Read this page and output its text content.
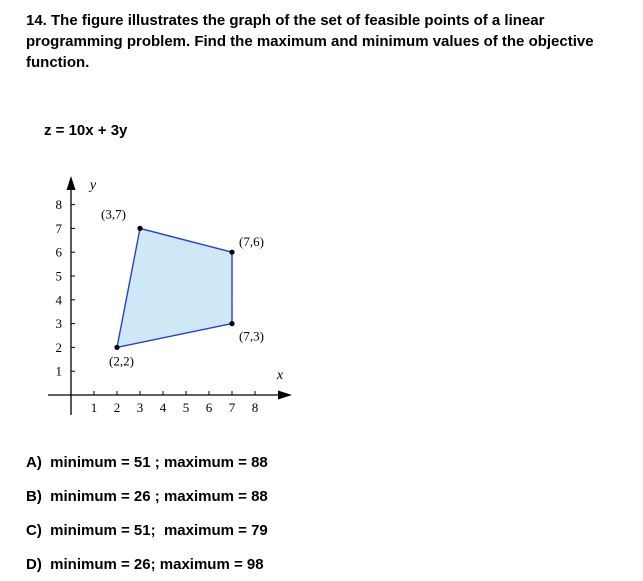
14. The figure illustrates the graph of the set of feasible points of a linear programming problem. Find the maximum and minimum values of the objective function.

z = 10x + 3y
1 2 3 4 5 6 7 8
1
2
3
4
5
6
7
8
x
y
(2,2)
(3,7)
(7,6)
(7,3)
A)  minimum = 51 ; maximum = 88
B)  minimum = 26 ; maximum = 88
C)  minimum = 51;  maximum = 79
D)  minimum = 26; maximum = 98
